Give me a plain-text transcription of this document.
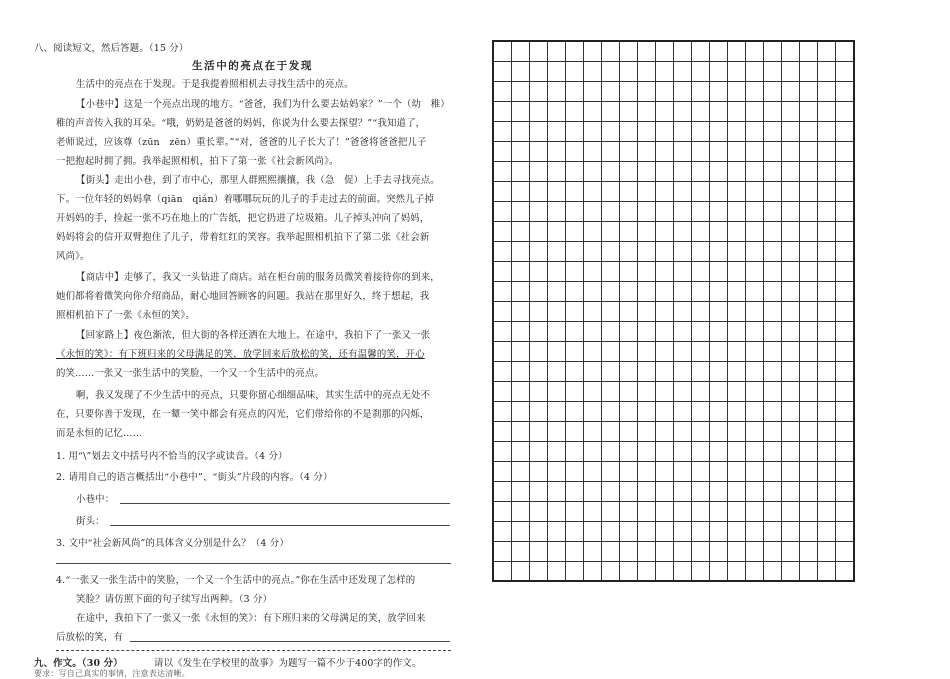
八、阅读短文，然后答题。（15 分）
生活中的亮点在于发现
生活中的亮点在于发现。于是我提着照相机去寻找生活中的亮点。
【小巷中】这是一个亮点出现的地方。“爸爸，我们为什么要去姑妈家？”一个（幼　稚）
稚的声音传入我的耳朵。“哦，奶奶是爸爸的妈妈，你说为什么要去探望？”“我知道了，
老师说过，应该尊（zūn　zēn）重长辈。”“对，爸爸的儿子长大了！”爸爸将爸爸把儿子
一把抱起时拥了拥。我举起照相机，拍下了第一张《社会新风尚》。
【街头】走出小巷，到了市中心，那里人群熙熙攘攘，我（急　促）上手去寻找亮点。
下。一位年轻的妈妈拿（qiān　qián）着哪哪玩玩的儿子的手走过去的前面。突然儿子掉
开妈妈的手，捡起一张不巧在地上的广告纸，把它扔进了垃圾箱。儿子掉头冲向了妈妈，
妈妈将会的信开双臂抱住了儿子，带着红红的笑容。我举起照相机拍下了第二张《社会新
风尚》。
【商店中】走够了，我又一头钻进了商店。站在柜台前的服务员微笑着接待你的到来，
她们都将着微笑向你介绍商品，耐心地回答顾客的问题。我站在那里好久，终于想起，我
照相机拍下了一张《永恒的笑》。
【回家路上】夜色渐浓，但大街的各样还洒在大地上。在途中，我拍下了一张又一张
《永恒的笑》：有下班归来的父母满足的笑，放学回来后放松的笑，还有温馨的笑，开心
的笑……一张又一张生活中的笑脸，一个又一个生活中的亮点。
啊，我又发现了不少生活中的亮点，只要你留心细细品味，其实生活中的亮点无处不
在，只要你善于发现，在一颦一笑中都会有亮点的闪光，它们带给你的不是刹那的闪烁，
而是永恒的记忆……
1. 用“\”划去文中括号内不恰当的汉字或读音。（4 分）
2. 请用自己的语言概括出“小巷中”、“街头”片段的内容。（4 分）
小巷中：
街头：
3. 文中“社会新风尚”的具体含义分别是什么？（4 分）
4.“一张又一张生活中的笑脸，一个又一个生活中的亮点。”你在生活中还发现了怎样的
笑脸？请仿照下面的句子续写出两种。（3 分）
在途中，我拍下了一张又一张《永恒的笑》：有下班归来的父母满足的笑，放学回来
后放松的笑，有
九、作文。（30 分）	请以《发生在学校里的故事》为题写一篇不少于400字的作文。
要求：写自己真实的事情，注意表达清晰。
